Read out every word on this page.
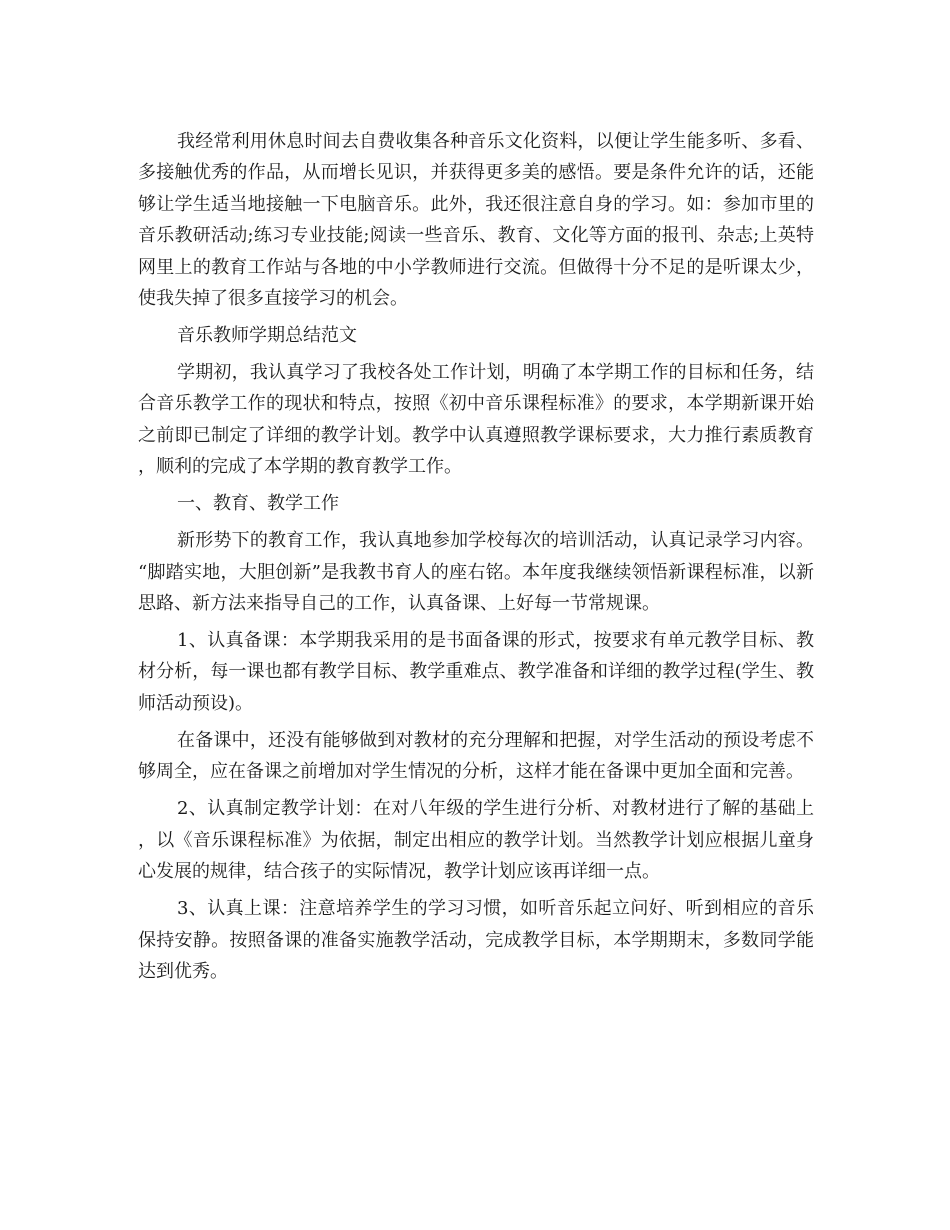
我经常利用休息时间去自费收集各种音乐文化资料，以便让学生能多听、多看、多接触优秀的作品，从而增长见识，并获得更多美的感悟。要是条件允许的话，还能够让学生适当地接触一下电脑音乐。此外，我还很注意自身的学习。如：参加市里的音乐教研活动;练习专业技能;阅读一些音乐、教育、文化等方面的报刊、杂志;上英特网里上的教育工作站与各地的中小学教师进行交流。但做得十分不足的是听课太少，使我失掉了很多直接学习的机会。

音乐教师学期总结范文

学期初，我认真学习了我校各处工作计划，明确了本学期工作的目标和任务，结合音乐教学工作的现状和特点，按照《初中音乐课程标准》的要求，本学期新课开始之前即已制定了详细的教学计划。教学中认真遵照教学课标要求，大力推行素质教育，顺利的完成了本学期的教育教学工作。

一、教育、教学工作

新形势下的教育工作，我认真地参加学校每次的培训活动，认真记录学习内容。“脚踏实地，大胆创新”是我教书育人的座右铭。本年度我继续领悟新课程标准，以新思路、新方法来指导自己的工作，认真备课、上好每一节常规课。

1、认真备课：本学期我采用的是书面备课的形式，按要求有单元教学目标、教材分析，每一课也都有教学目标、教学重难点、教学准备和详细的教学过程(学生、教师活动预设)。

在备课中，还没有能够做到对教材的充分理解和把握，对学生活动的预设考虑不够周全，应在备课之前增加对学生情况的分析，这样才能在备课中更加全面和完善。

2、认真制定教学计划：在对八年级的学生进行分析、对教材进行了解的基础上，以《音乐课程标准》为依据，制定出相应的教学计划。当然教学计划应根据儿童身心发展的规律，结合孩子的实际情况，教学计划应该再详细一点。

3、认真上课：注意培养学生的学习习惯，如听音乐起立问好、听到相应的音乐保持安静。按照备课的准备实施教学活动，完成教学目标，本学期期末，多数同学能达到优秀。
